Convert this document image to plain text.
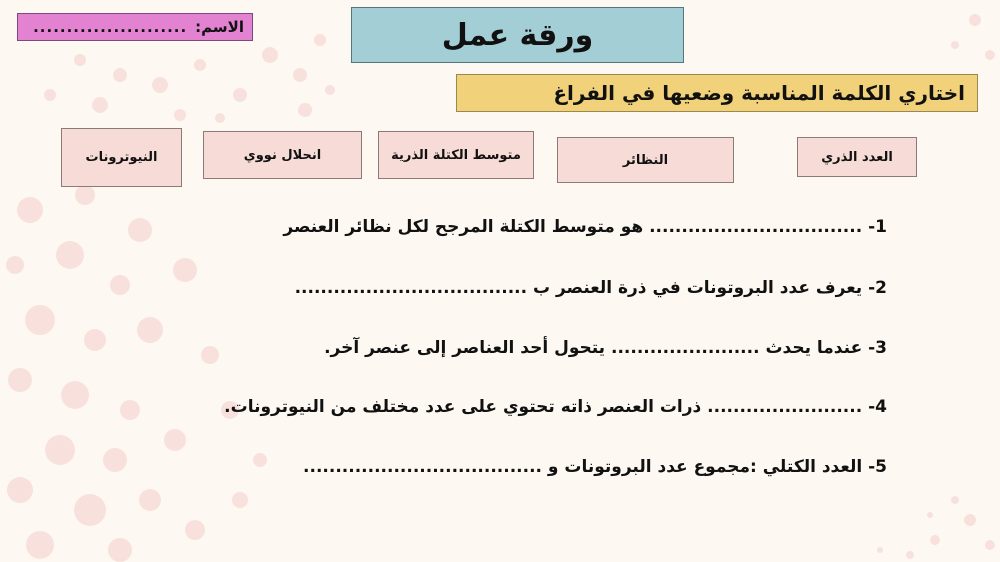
الاسم:
.......................	ورقة عمل
اختاري الكلمة المناسبة وضعيها في الفراغ
العدد الذري
النظائر
متوسط الكتلة الذرية
انحلال نووي
النيوترونات
1- ................................. هو متوسط الكتلة المرجح لكل نظائر العنصر
2- يعرف عدد البروتونات في ذرة العنصر ب ....................................
3- عندما يحدث ....................... يتحول أحد العناصر إلى عنصر آخر.
4- ........................ ذرات العنصر ذاته تحتوي على عدد مختلف من النيوترونات.
5- العدد الكتلي :مجموع عدد البروتونات و .....................................
